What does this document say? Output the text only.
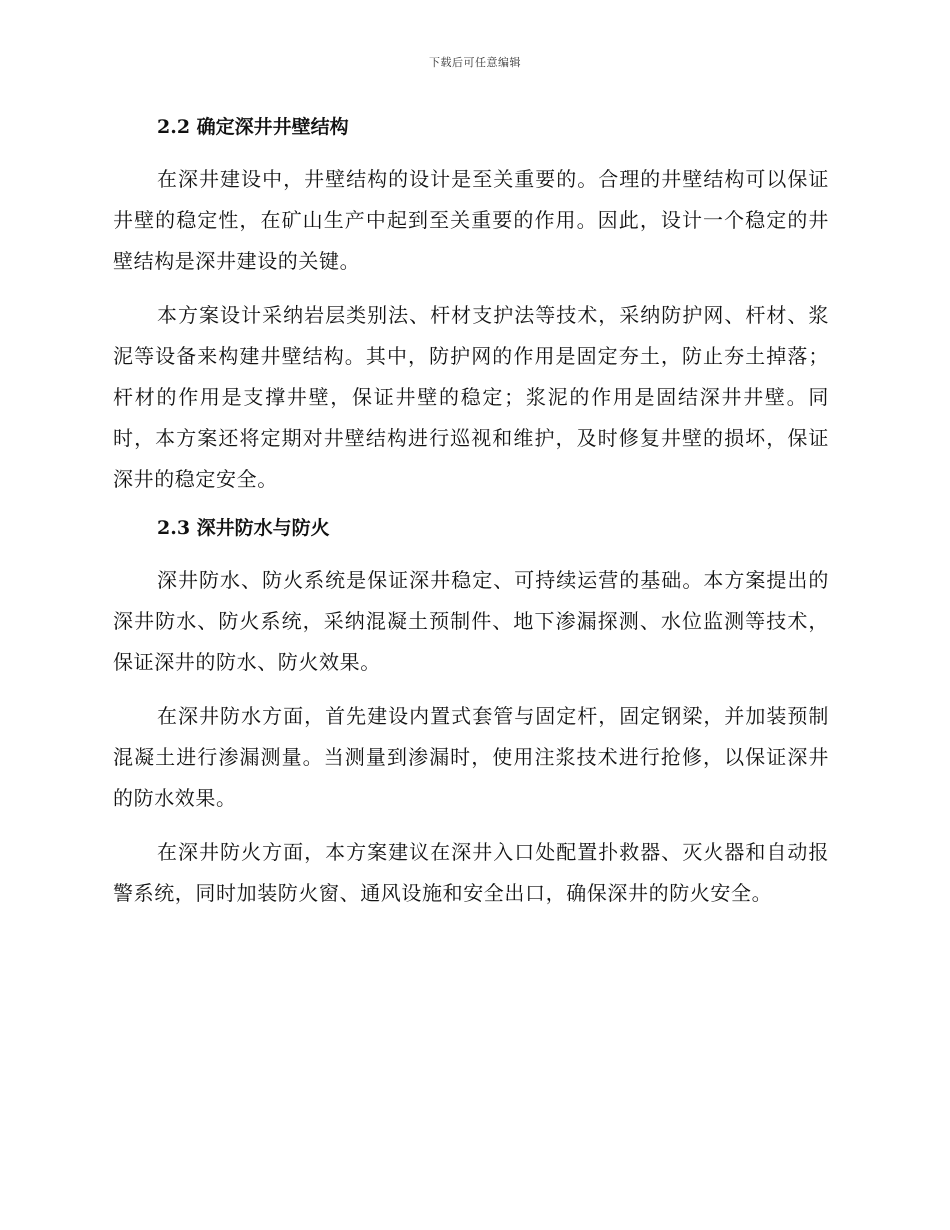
下载后可任意编辑
2.2 确定深井井壁结构

在深井建设中，井壁结构的设计是至关重要的。合理的井壁结构可以保证井壁的稳定性，在矿山生产中起到至关重要的作用。因此，设计一个稳定的井壁结构是深井建设的关键。

本方案设计采纳岩层类别法、杆材支护法等技术，采纳防护网、杆材、浆泥等设备来构建井壁结构。其中，防护网的作用是固定夯土，防止夯土掉落；杆材的作用是支撑井壁，保证井壁的稳定；浆泥的作用是固结深井井壁。同时，本方案还将定期对井壁结构进行巡视和维护，及时修复井壁的损坏，保证深井的稳定安全。

2.3 深井防水与防火

深井防水、防火系统是保证深井稳定、可持续运营的基础。本方案提出的深井防水、防火系统，采纳混凝土预制件、地下渗漏探测、水位监测等技术，保证深井的防水、防火效果。

在深井防水方面，首先建设内置式套管与固定杆，固定钢梁，并加装预制混凝土进行渗漏测量。当测量到渗漏时，使用注浆技术进行抢修，以保证深井的防水效果。

在深井防火方面，本方案建议在深井入口处配置扑救器、灭火器和自动报警系统，同时加装防火窗、通风设施和安全出口，确保深井的防火安全。
